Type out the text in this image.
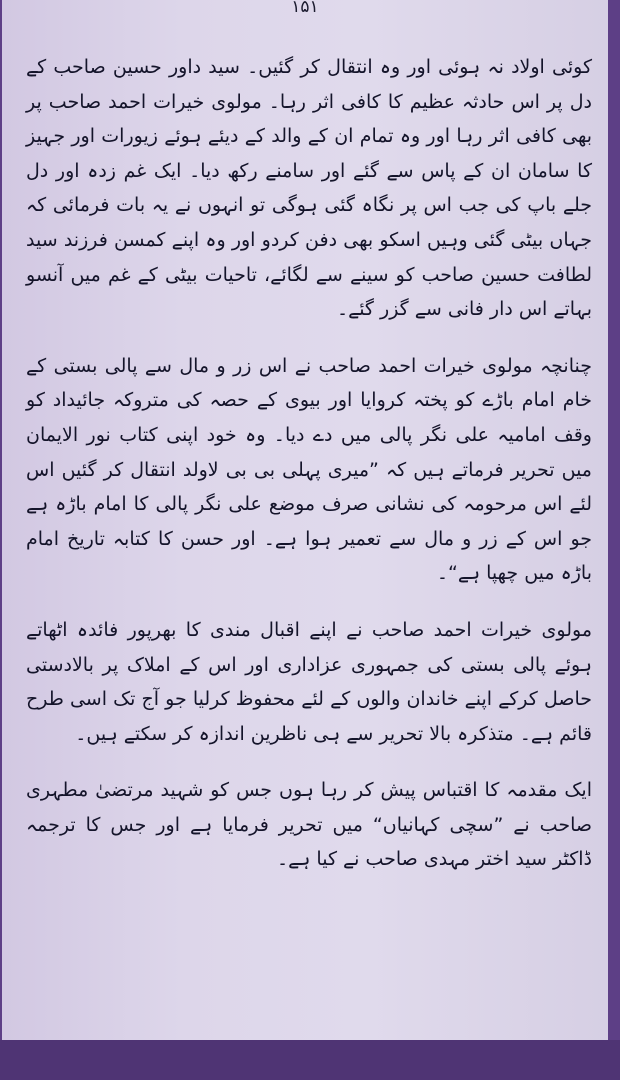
۱۵۱

کوئی اولاد نہ ہوئی اور وہ انتقال کر گئیں۔ سید داور حسین صاحب کے دل پر اس حادثہ عظیم کا کافی اثر رہا۔ مولوی خیرات احمد صاحب پر بھی کافی اثر رہا اور وہ تمام ان کے والد کے دیئے ہوئے زیورات اور جہیز کا سامان ان کے پاس سے گئے اور سامنے رکھ دیا۔ ایک غم زدہ اور دل جلے باپ کی جب اس پر نگاہ گئی ہوگی تو انہوں نے یہ بات فرمائی کہ جہاں بیٹی گئی وہیں اسکو بھی دفن کردو اور وہ اپنے کمسن فرزند سید لطافت حسین صاحب کو سینے سے لگائے، تاحیات بیٹی کے غم میں آنسو بہاتے اس دار فانی سے گزر گئے۔

چنانچہ مولوی خیرات احمد صاحب نے اس زر و مال سے پالی بستی کے خام امام باڑے کو پختہ کروایا اور بیوی کے حصہ کی متروکہ جائیداد کو وقف امامیہ علی نگر پالی میں دے دیا۔ وہ خود اپنی کتاب نور الایمان میں تحریر فرماتے ہیں کہ ”میری پہلی بی بی لاولد انتقال کر گئیں اس لئے اس مرحومہ کی نشانی صرف موضع علی نگر پالی کا امام باڑہ ہے جو اس کے زر و مال سے تعمیر ہوا ہے۔ اور حسن کا کتابہ تاریخ امام باڑہ میں چھپا ہے“۔

مولوی خیرات احمد صاحب نے اپنے اقبال مندی کا بھرپور فائدہ اٹھاتے ہوئے پالی بستی کی جمہوری عزاداری اور اس کے املاک پر بالادستی حاصل کرکے اپنے خاندان والوں کے لئے محفوظ کرلیا جو آج تک اسی طرح قائم ہے۔ متذکرہ بالا تحریر سے ہی ناظرین اندازہ کر سکتے ہیں۔

ایک مقدمہ کا اقتباس پیش کر رہا ہوں جس کو شہید مرتضیٰ مطہری صاحب نے ”سچی کہانیاں“ میں تحریر فرمایا ہے اور جس کا ترجمہ ڈاکٹر سید اختر مہدی صاحب نے کیا ہے۔
